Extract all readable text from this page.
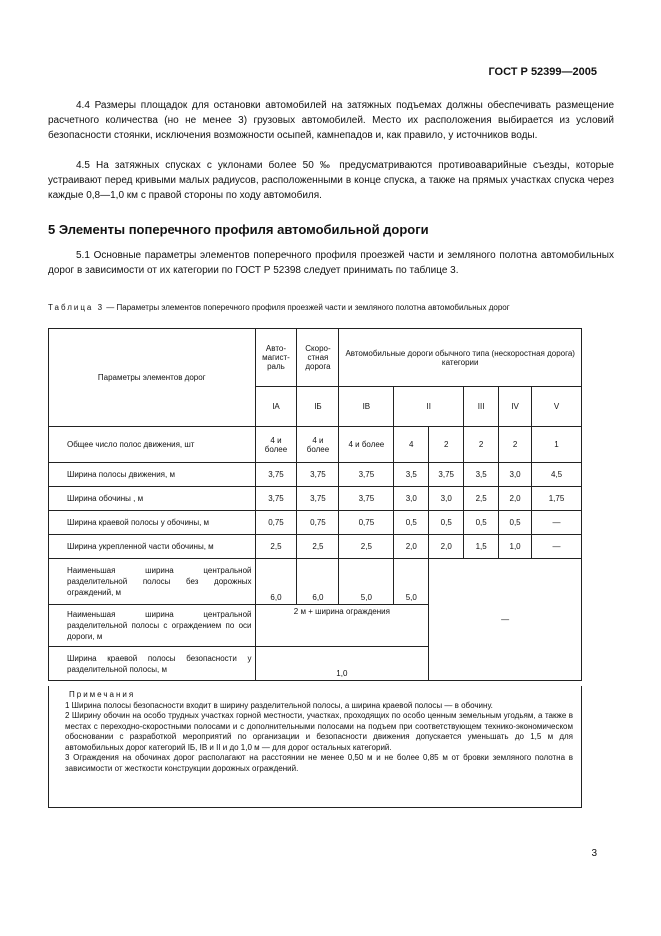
ГОСТ Р 52399—2005

4.4 Размеры площадок для остановки автомобилей на затяжных подъемах должны обеспечивать размещение расчетного количества (но не менее 3) грузовых автомобилей. Место их расположения выбирается из условий безопасности стоянки, исключения возможности осыпей, камнепадов и, как правило, у источников воды.

4.5 На затяжных спусках с уклонами более 50 ‰ предусматриваются противоаварийные съезды, которые устраивают перед кривыми малых радиусов, расположенными в конце спуска, а также на прямых участках спуска через каждые 0,8—1,0 км с правой стороны по ходу автомобиля.

5 Элементы поперечного профиля автомобильной дороги

5.1 Основные параметры элементов поперечного профиля проезжей части и земляного полотна автомобильных дорог в зависимости от их категории по ГОСТ Р 52398 следует принимать по таблице 3.

Таблица 3 — Параметры элементов поперечного профиля проезжей части и земляного полотна автомобильных дорог

Параметры элементов дорог	Авто-магист-раль	Скоро-стная дорога	Автомобильные дороги обычного типа (нескоростная дорога) категории					
	IA	IБ	IB	II		III	IV	V
Общее число полос движения, шт	4 и более	4 и более	4 и более	4	2	2	2	1
Ширина полосы движения, м	3,75	3,75	3,75	3,5	3,75	3,5	3,0	4,5
Ширина обочины , м	3,75	3,75	3,75	3,0	3,0	2,5	2,0	1,75
Ширина краевой полосы у обочины, м	0,75	0,75	0,75	0,5	0,5	0,5	0,5	—
Ширина укрепленной части обочины, м	2,5	2,5	2,5	2,0	2,0	1,5	1,0	—
Наименьшая ширина центральной разделительной полосы без дорожных ограждений, м	6,0	6,0	5,0	5,0	—			
Наименьшая ширина центральной разделительной полосы с ограждением по оси дороги, м	2 м + ширина ограждения							
Ширина краевой полосы безопасности у разделительной полосы, м	1,0							

Примечания

1 Ширина полосы безопасности входит в ширину разделительной полосы, а ширина краевой полосы — в обочину.

2 Ширину обочин на особо трудных участках горной местности, участках, проходящих по особо ценным земельным угодьям, а также в местах с переходно-скоростными полосами и с дополнительными полосами на подъем при соответствующем технико-экономическом обосновании с разработкой мероприятий по организации и безопасности движения допускается уменьшать до 1,5 м для автомобильных дорог категорий IБ, IB и II и до 1,0 м — для дорог остальных категорий.

3 Ограждения на обочинах дорог располагают на расстоянии не менее 0,50 м и не более 0,85 м от бровки земляного полотна в зависимости от жесткости конструкции дорожных ограждений.

3
